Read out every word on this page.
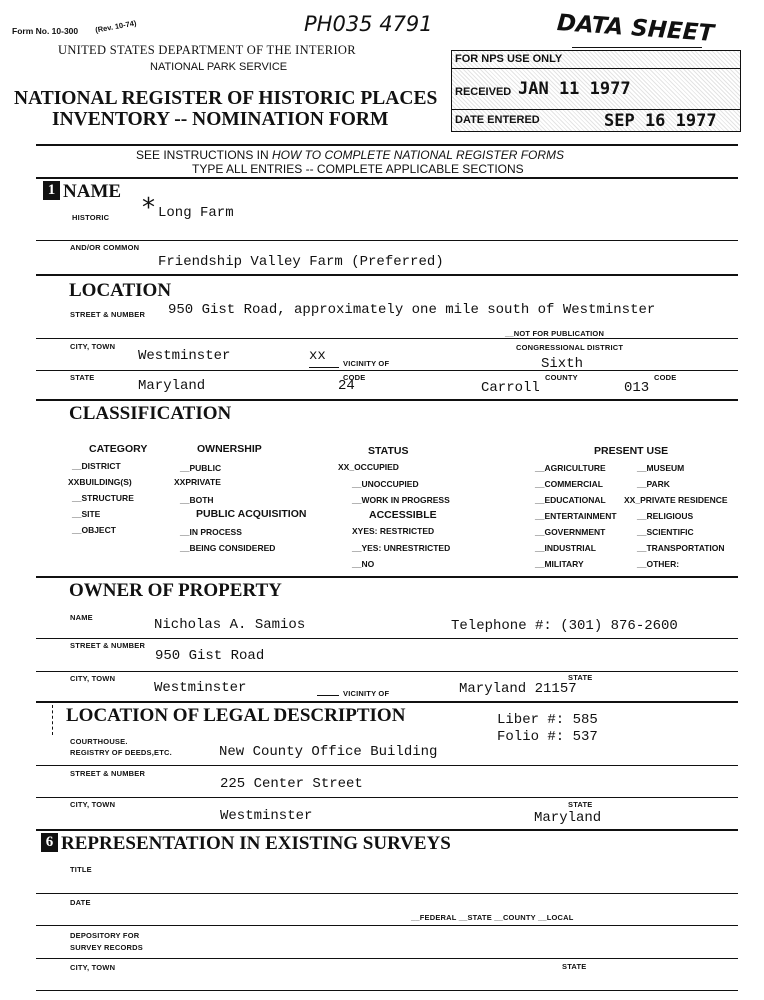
Form No. 10-300 (Rev. 10-74)	PH035 4791	DATA SHEET
UNITED STATES DEPARTMENT OF THE INTERIOR
NATIONAL PARK SERVICE
NATIONAL REGISTER OF HISTORIC PLACES
INVENTORY -- NOMINATION FORM
FOR NPS USE ONLY
RECEIVED JAN 11 1977
DATE ENTERED	SEP 16 1977
SEE INSTRUCTIONS IN HOW TO COMPLETE NATIONAL REGISTER FORMS
TYPE ALL ENTRIES -- COMPLETE APPLICABLE SECTIONS
1 NAME
HISTORIC * Long Farm
AND/OR COMMON
Friendship Valley Farm (Preferred)
LOCATION
STREET & NUMBER 950 Gist Road, approximately one mile south of Westminster
__NOT FOR PUBLICATION
CITY, TOWN
Westminster	xx VICINITY OF
CONGRESSIONAL DISTRICT
Sixth
STATE
Maryland
CODE
24
COUNTY
Carroll
CODE
013
CLASSIFICATION
CATEGORY
__DISTRICT
XXBUILDING(S)
__STRUCTURE
__SITE
__OBJECT
OWNERSHIP
__PUBLIC
XXPRIVATE
__BOTH
PUBLIC ACQUISITION
__IN PROCESS
__BEING CONSIDERED
STATUS
XX_OCCUPIED
__UNOCCUPIED
__WORK IN PROGRESS
ACCESSIBLE
XYES: RESTRICTED
__YES: UNRESTRICTED
__NO
PRESENT USE
__AGRICULTURE
__COMMERCIAL
__EDUCATIONAL
__ENTERTAINMENT
__GOVERNMENT
__INDUSTRIAL
__MILITARY
__MUSEUM
__PARK
XX_PRIVATE RESIDENCE
__RELIGIOUS
__SCIENTIFIC
__TRANSPORTATION
__OTHER:
OWNER OF PROPERTY
NAME	Nicholas A. Samios	Telephone #: (301) 876-2600
STREET & NUMBER
950 Gist Road
CITY, TOWN
Westminster	VICINITY OF
STATE
Maryland 21157
LOCATION OF LEGAL DESCRIPTION	Liber #: 585
Folio #: 537
COURTHOUSE.
REGISTRY OF DEEDS,ETC.	New County Office Building
STREET & NUMBER
225 Center Street
CITY, TOWN
Westminster
STATE
Maryland
6 REPRESENTATION IN EXISTING SURVEYS
TITLE
DATE
__FEDERAL __STATE __COUNTY __LOCAL
DEPOSITORY FOR
SURVEY RECORDS
CITY, TOWN	STATE
